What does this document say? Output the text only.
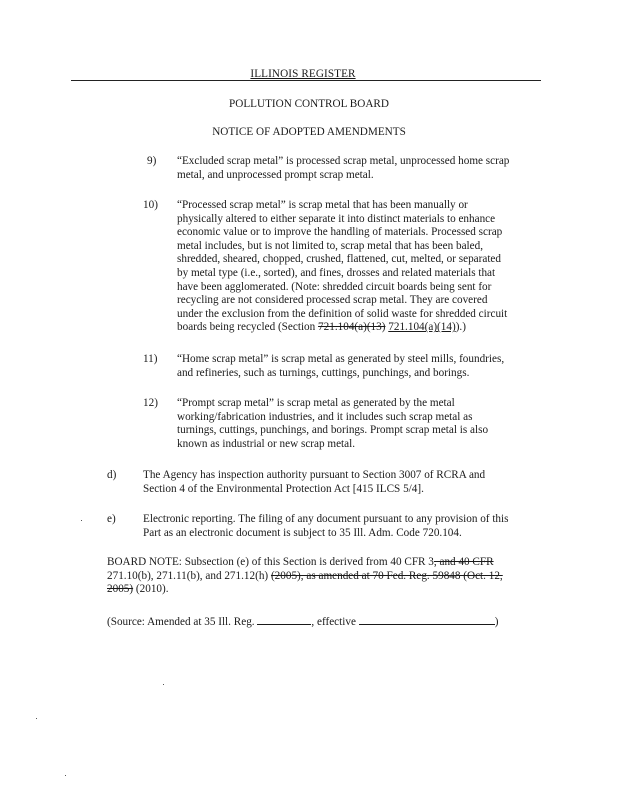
ILLINOIS REGISTER
POLLUTION CONTROL BOARD
NOTICE OF ADOPTED AMENDMENTS
9) “Excluded scrap metal” is processed scrap metal, unprocessed home scrap
metal, and unprocessed prompt scrap metal.
10) “Processed scrap metal” is scrap metal that has been manually or
physically altered to either separate it into distinct materials to enhance
economic value or to improve the handling of materials. Processed scrap
metal includes, but is not limited to, scrap metal that has been baled,
shredded, sheared, chopped, crushed, flattened, cut, melted, or separated
by metal type (i.e., sorted), and fines, drosses and related materials that
have been agglomerated. (Note: shredded circuit boards being sent for
recycling are not considered processed scrap metal. They are covered
under the exclusion from the definition of solid waste for shredded circuit
boards being recycled (Section 721.104(a)(13) 721.104(a)(14)).)
11) “Home scrap metal” is scrap metal as generated by steel mills, foundries,
and refineries, such as turnings, cuttings, punchings, and borings.
12) “Prompt scrap metal” is scrap metal as generated by the metal
working/fabrication industries, and it includes such scrap metal as
turnings, cuttings, punchings, and borings. Prompt scrap metal is also
known as industrial or new scrap metal.
d) The Agency has inspection authority pursuant to Section 3007 of RCRA and
Section 4 of the Environmental Protection Act [415 ILCS 5/4].
e) Electronic reporting. The filing of any document pursuant to any provision of this
Part as an electronic document is subject to 35 Ill. Adm. Code 720.104.
BOARD NOTE: Subsection (e) of this Section is derived from 40 CFR 3, and 40 CFR
271.10(b), 271.11(b), and 271.12(h) (2005), as amended at 70 Fed. Reg. 59848 (Oct. 12,
2005) (2010).
(Source: Amended at 35 Ill. Reg.	, effective	)
